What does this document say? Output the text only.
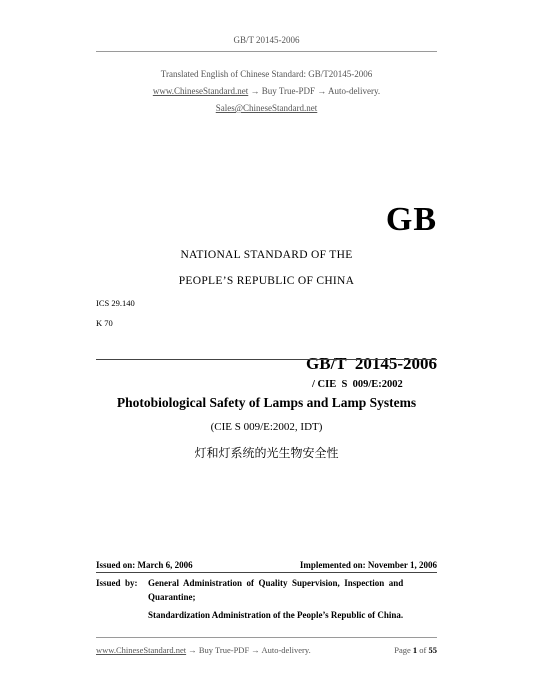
GB/T 20145-2006
Translated English of Chinese Standard: GB/T20145-2006
www.ChineseStandard.net → Buy True-PDF → Auto-delivery.
Sales@ChineseStandard.net
GB
NATIONAL STANDARD OF THE
PEOPLE’S REPUBLIC OF CHINA
ICS 29.140
K 70

GB/T  20145-2006
/ CIE  S  009/E:2002

Photobiological Safety of Lamps and Lamp Systems
(CIE S 009/E:2002, IDT)
灯和灯系统的光生物安全性
Issued on: March 6, 2006	Implemented on: November 1, 2006
Issued  by: General  Administration  of  Quality  Supervision,  Inspection  and
Quarantine;
Standardization Administration of the People’s Republic of China.
www.ChineseStandard.net → Buy True-PDF → Auto-delivery.	Page 1 of 55
